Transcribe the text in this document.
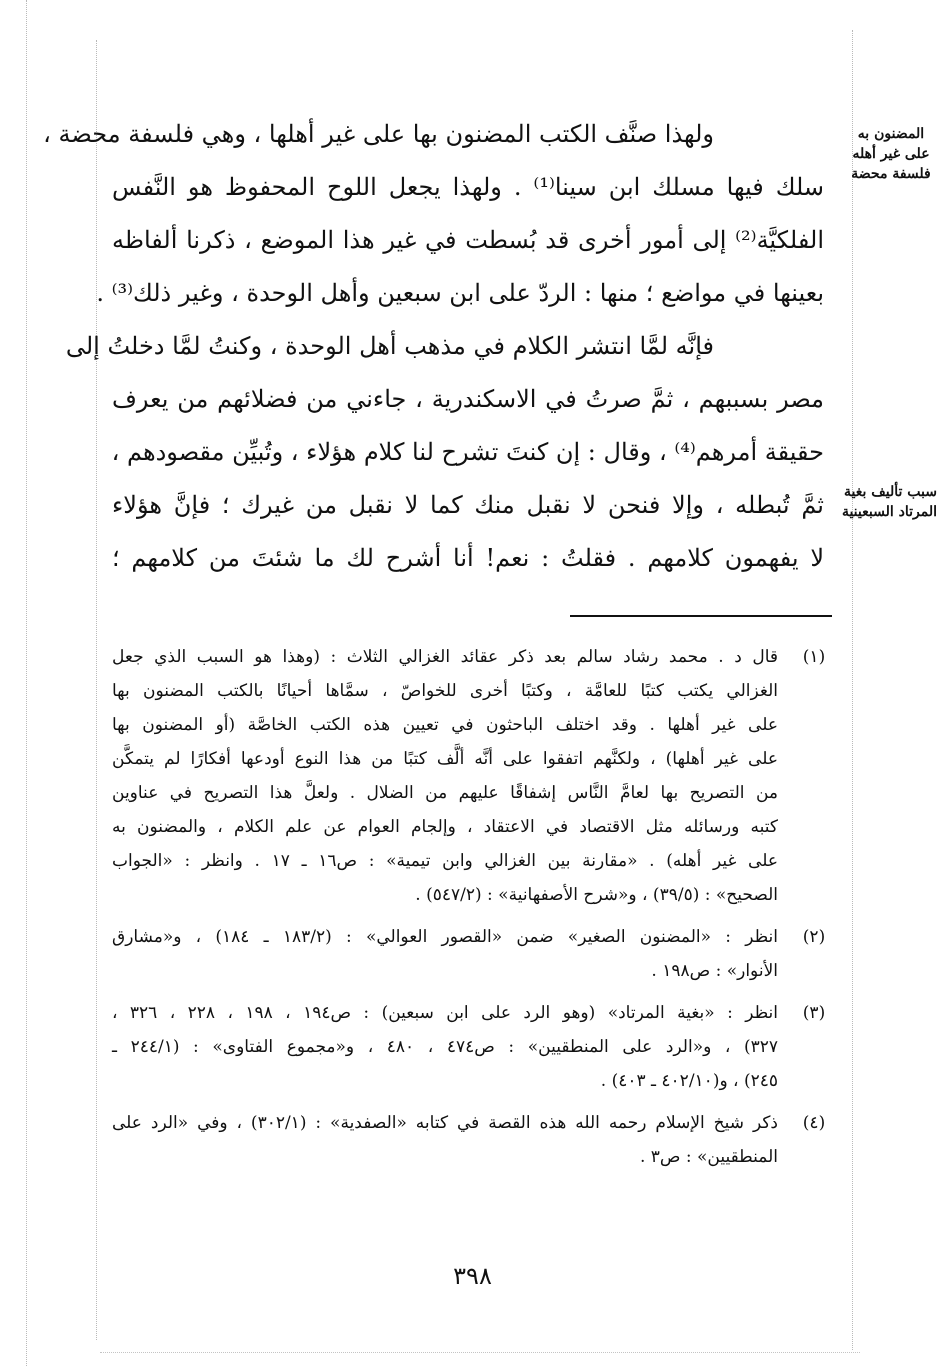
المضنون به
على غير أهله
فلسفة محضة
سبب تأليف بغية
المرتاد السبعينية
ولهذا صنَّف الكتب المضنون بها على غير أهلها ، وهي فلسفة محضة ،
سلك فيها مسلك ابن سينا⁽¹⁾ . ولهذا يجعل اللوح المحفوظ هو النَّفس
الفلكيَّة⁽²⁾ إلى أمور أخرى قد بُسطت في غير هذا الموضع ، ذكرنا ألفاظه
بعينها في مواضع ؛ منها : الردّ على ابن سبعين وأهل الوحدة ، وغير ذلك⁽³⁾ .
فإنَّه لمَّا انتشر الكلام في مذهب أهل الوحدة ، وكنتُ لمَّا دخلتُ إلى
مصر بسببهم ، ثمَّ صرتُ في الاسكندرية ، جاءني من فضلائهم من يعرف
حقيقة أمرهم⁽⁴⁾ ، وقال : إن كنتَ تشرح لنا كلام هؤلاء ، وتُبيِّن مقصودهم ،
ثمَّ تُبطله ، وإلا فنحن لا نقبل منك كما لا نقبل من غيرك ؛ فإنَّ هؤلاء
لا يفهمون كلامهم . فقلتُ : نعم! أنا أشرح لك ما شئتَ من كلامهم ؛
(١)
قال د . محمد رشاد سالم بعد ذكر عقائد الغزالي الثلاث : (وهذا هو السبب الذي جعل
الغزالي يكتب كتبًا للعامَّة ، وكتبًا أخرى للخواصّ ، سمَّاها أحيانًا بالكتب المضنون بها
على غير أهلها . وقد اختلف الباحثون في تعيين هذه الكتب الخاصَّة (أو المضنون بها
على غير أهلها) ، ولكنَّهم اتفقوا على أنَّه ألَّف كتبًا من هذا النوع أودعها أفكارًا لم يتمكَّن
من التصريح بها لعامَّ النَّاس إشفاقًا عليهم من الضلال . ولعلَّ هذا التصريح في عناوين
كتبه ورسائله مثل الاقتصاد في الاعتقاد ، وإلجام العوام عن علم الكلام ، والمضنون به
على غير أهله) . «مقارنة بين الغزالي وابن تيمية» : ص١٦ ـ ١٧ . وانظر : «الجواب
الصحيح» : (٣٩/٥) ، و«شرح الأصفهانية» : (٥٤٧/٢) .
(٢)
انظر : «المضنون الصغير» ضمن «القصور العوالي» : (١٨٣/٢ ـ ١٨٤) ، و«مشارق
الأنوار» : ص١٩٨ .
(٣)
انظر : «بغية المرتاد» (وهو الرد على ابن سبعين) : ص١٩٤ ، ١٩٨ ، ٢٢٨ ، ٣٢٦ ،
٣٢٧) ، و«الرد على المنطقيين» : ص٤٧٤ ، ٤٨٠ ، و«مجموع الفتاوى» : (٢٤٤/١ ـ
٢٤٥) ، و(٤٠٢/١٠ ـ ٤٠٣) .
(٤)
ذكر شيخ الإسلام رحمه الله هذه القصة في كتابه «الصفدية» : (٣٠٢/١) ، وفي «الرد على
المنطقيين» : ص٣ .
٣٩٨
